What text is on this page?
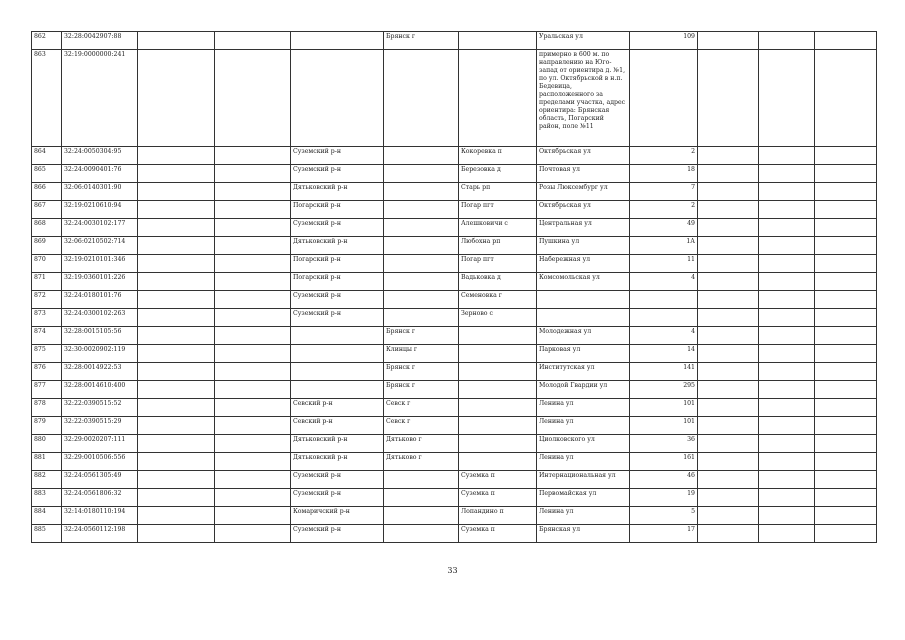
862	32:28:0042907:88				Брянск г		Уральская ул	109			
863	32:19:0000000:241						примерно в 600 м. по направлению на Юго-запад от ориентира д. №1, по ул. Октябрьской в н.п. Бедевица, расположенного за пределами участка, адрес ориентира: Брянская область, Погарский район, поле №11				
864	32:24:0050304:95			Суземский р-н		Кокоревка п	Октябрьская ул	2			
865	32:24:0090401:76			Суземский р-н		Березовка д	Почтовая ул	18			
866	32:06:0140301:90			Дятьковский р-н		Старь рп	Розы Люксембург ул	7			
867	32:19:0210610:94			Погарский р-н		Погар пгт	Октябрьская ул	2			
868	32:24:0030102:177			Суземский р-н		Алешковичи с	Центральная ул	49			
869	32:06:0210502:714			Дятьковский р-н		Любохна рп	Пушкина ул	1А			
870	32:19:0210101:346			Погарский р-н		Погар пгт	Набережная ул	11			
871	32:19:0360101:226			Погарский р-н		Вадьковка д	Комсомольская ул	4			
872	32:24:0180101:76			Суземский р-н		Семеновка г					
873	32:24:0300102:263			Суземский р-н		Зерново с					
874	32:28:0015105:56				Брянск г		Молодежная ул	4			
875	32:30:0020902:119				Клинцы г		Парковая ул	14			
876	32:28:0014922:53				Брянск г		Институтская ул	141			
877	32:28:0014610:400				Брянск г		Молодой Гвардии ул	295			
878	32:22:0390515:52			Севский р-н	Севск г		Ленина ул	101			
879	32:22:0390515:29			Севский р-н	Севск г		Ленина ул	101			
880	32:29:0020207:111			Дятьковский р-н	Дятьково г		Циолковского ул	36			
881	32:29:0010506:556			Дятьковский р-н	Дятьково г		Ленина ул	161			
882	32:24:0561305:49			Суземский р-н		Суземка п	Интернациональная ул	46			
883	32:24:0561806:32			Суземский р-н		Суземка п	Первомайская ул	19			
884	32:14:0180110:194			Комаричский р-н		Лопандино п	Ленина ул	5			
885	32:24:0560112:198			Суземский р-н		Суземка п	Брянская ул	17			
33
